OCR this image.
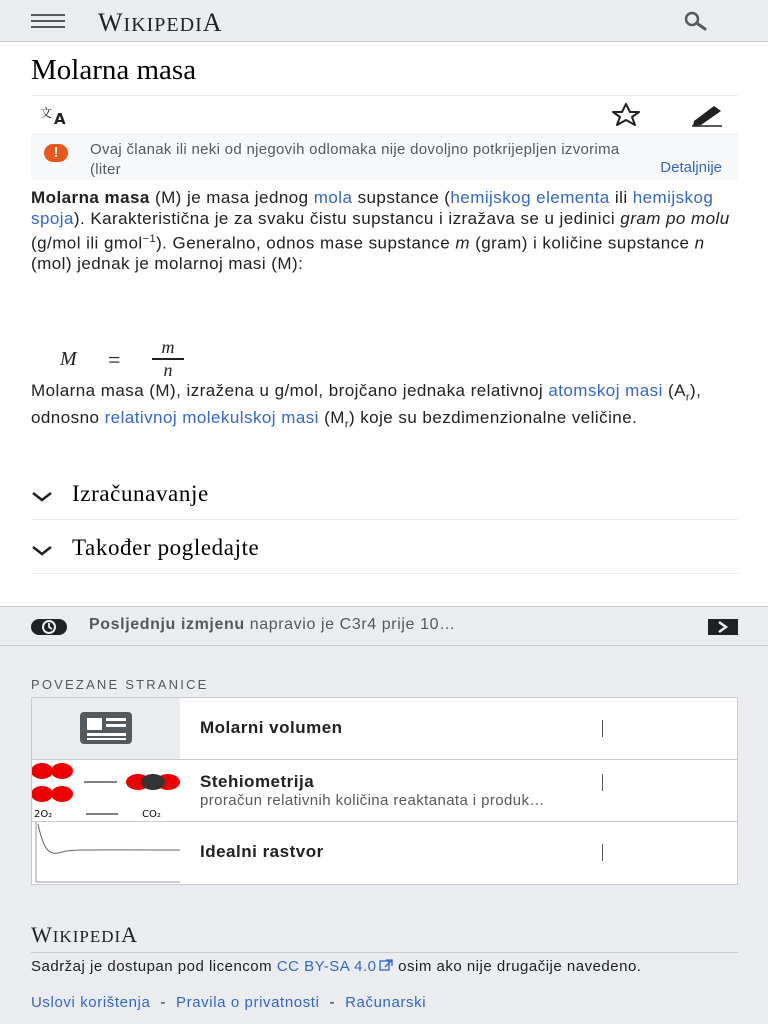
WIKIPEDIA
Molarna masa
文 A
!	Ovaj članak ili neki od njegovih odlomaka nije dovoljno potkrijepljen izvorima (liter	Detaljnije

Molarna masa (M) je masa jednog mola supstance (hemijskog elementa ili hemijskog spoja). Karakteristična je za svaku čistu supstancu i izražava se u jedinici gram po molu (g/mol ili gmol$^{-1}$). Generalno, odnos mase supstance m (gram) i količine supstance n (mol) jednak je molarnoj masi (M):

M =	m
n
Molarna masa (M), izražena u g/mol, brojčano jednaka relativnoj atomskoj masi $(A_r)$, odnosno relativnoj molekulskoj masi $(M_r)$ koje su bezdimenzionalne veličine.
Izračunavanje
Također pogledajte
Posljednju izmjenu napravio je C3r4 prije 10…
POVEZANE STRANICE
Molarni volumen
2O₂	CO₂
Stehiometrija
proračun relativnih količina reaktanata i produk…
Idealni rastvor
WIKIPEDIA
Sadržaj je dostupan pod licencom CC BY-SA 4.0 osim ako nije drugačije navedeno.
Uslovi korištenja - Pravila o privatnosti - Računarski
